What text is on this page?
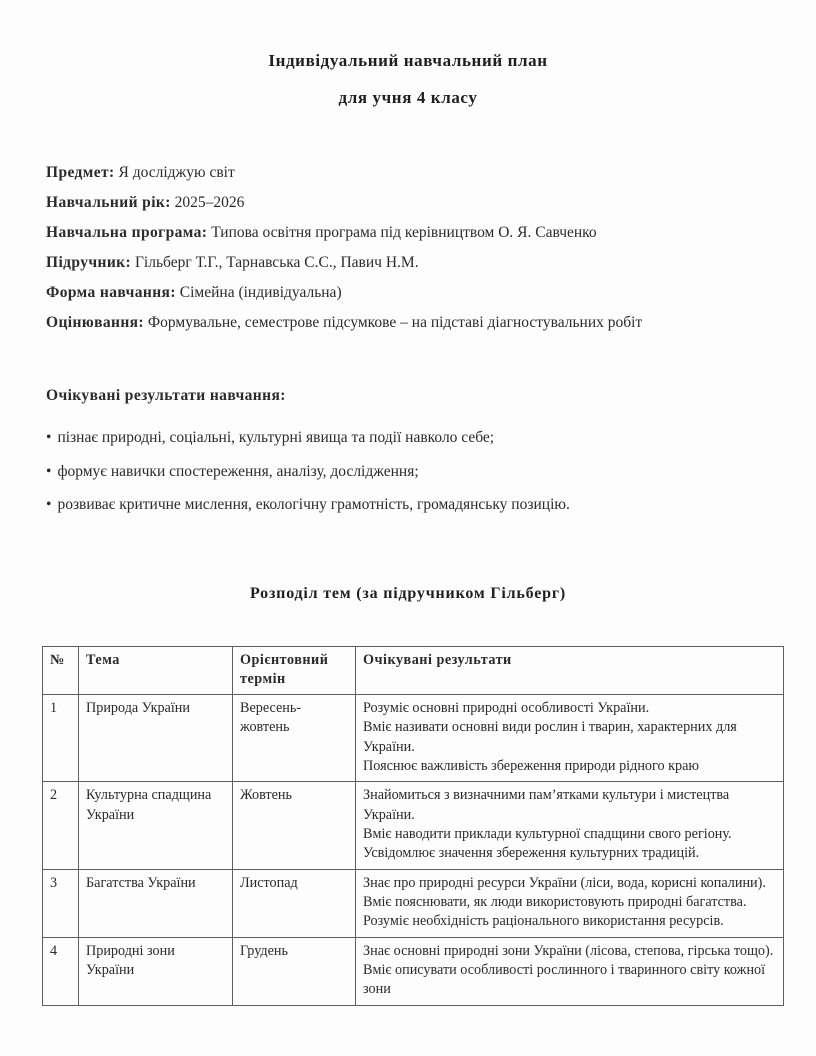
Індивідуальний навчальний план
для учня 4 класу
Предмет: Я досліджую світ
Навчальний рік: 2025–2026
Навчальна програма: Типова освітня програма під керівництвом О. Я. Савченко
Підручник: Гільберг Т.Г., Тарнавська С.С., Павич Н.М.
Форма навчання: Сімейна (індивідуальна)
Оцінювання: Формувальне, семестрове підсумкове – на підставі діагностувальних робіт

Очікувані результати навчання:

• пізнає природні, соціальні, культурні явища та події навколо себе;
• формує навички спостереження, аналізу, дослідження;
• розвиває критичне мислення, екологічну грамотність, громадянську позицію.
Розподіл тем (за підручником Гільберг)
№	Тема	Орієнтовний термін	Очікувані результати
1	Природа України	Вересень-жовтень	Розуміє основні природні особливості України.
Вміє називати основні види рослин і тварин, характерних для України.
Пояснює важливість збереження природи рідного краю

2	Культурна спадщина України	Жовтень	Знайомиться з визначними пам’ятками культури і мистецтва України.
Вміє наводити приклади культурної спадщини свого регіону. Усвідомлює значення збереження культурних традицій.

3	Багатства України	Листопад	Знає про природні ресурси України (ліси, вода, корисні копалини). Вміє пояснювати, як люди використовують природні багатства. Розуміє необхідність раціонального використання ресурсів.

4	Природні зони України	Грудень	Знає основні природні зони України (лісова, степова, гірська тощо). Вміє описувати особливості рослинного і тваринного світу кожної зони
